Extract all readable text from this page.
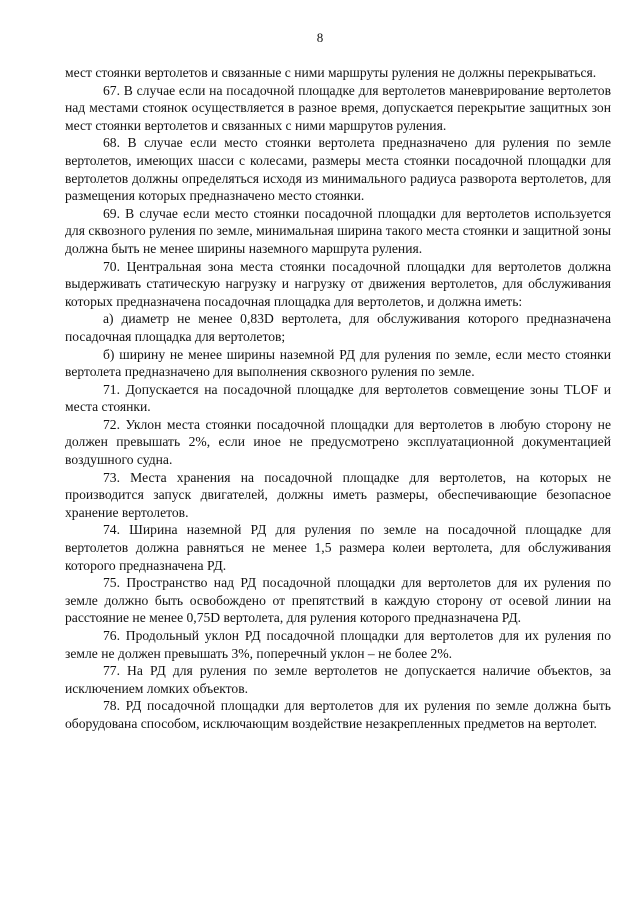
8

мест стоянки вертолетов и связанные с ними маршруты руления не должны перекрываться.

67. В случае если на посадочной площадке для вертолетов маневрирование вертолетов над местами стоянок осуществляется в разное время, допускается перекрытие защитных зон мест стоянки вертолетов и связанных с ними маршрутов руления.

68. В случае если место стоянки вертолета предназначено для руления по земле вертолетов, имеющих шасси с колесами, размеры места стоянки посадочной площадки для вертолетов должны определяться исходя из минимального радиуса разворота вертолетов, для размещения которых предназначено место стоянки.

69. В случае если место стоянки посадочной площадки для вертолетов используется для сквозного руления по земле, минимальная ширина такого места стоянки и защитной зоны должна быть не менее ширины наземного маршрута руления.

70. Центральная зона места стоянки посадочной площадки для вертолетов должна выдерживать статическую нагрузку и нагрузку от движения вертолетов, для обслуживания которых предназначена посадочная площадка для вертолетов, и должна иметь:

а) диаметр не менее 0,83D вертолета, для обслуживания которого предназначена посадочная площадка для вертолетов;

б) ширину не менее ширины наземной РД для руления по земле, если место стоянки вертолета предназначено для выполнения сквозного руления по земле.

71. Допускается на посадочной площадке для вертолетов совмещение зоны TLOF и места стоянки.

72. Уклон места стоянки посадочной площадки для вертолетов в любую сторону не должен превышать 2%, если иное не предусмотрено эксплуатационной документацией воздушного судна.

73. Места хранения на посадочной площадке для вертолетов, на которых не производится запуск двигателей, должны иметь размеры, обеспечивающие безопасное хранение вертолетов.

74. Ширина наземной РД для руления по земле на посадочной площадке для вертолетов должна равняться не менее 1,5 размера колеи вертолета, для обслуживания которого предназначена РД.

75. Пространство над РД посадочной площадки для вертолетов для их руления по земле должно быть освобождено от препятствий в каждую сторону от осевой линии на расстояние не менее 0,75D вертолета, для руления которого предназначена РД.

76. Продольный уклон РД посадочной площадки для вертолетов для их руления по земле не должен превышать 3%, поперечный уклон – не более 2%.

77. На РД для руления по земле вертолетов не допускается наличие объектов, за исключением ломких объектов.

78. РД посадочной площадки для вертолетов для их руления по земле должна быть оборудована способом, исключающим воздействие незакрепленных предметов на вертолет.
